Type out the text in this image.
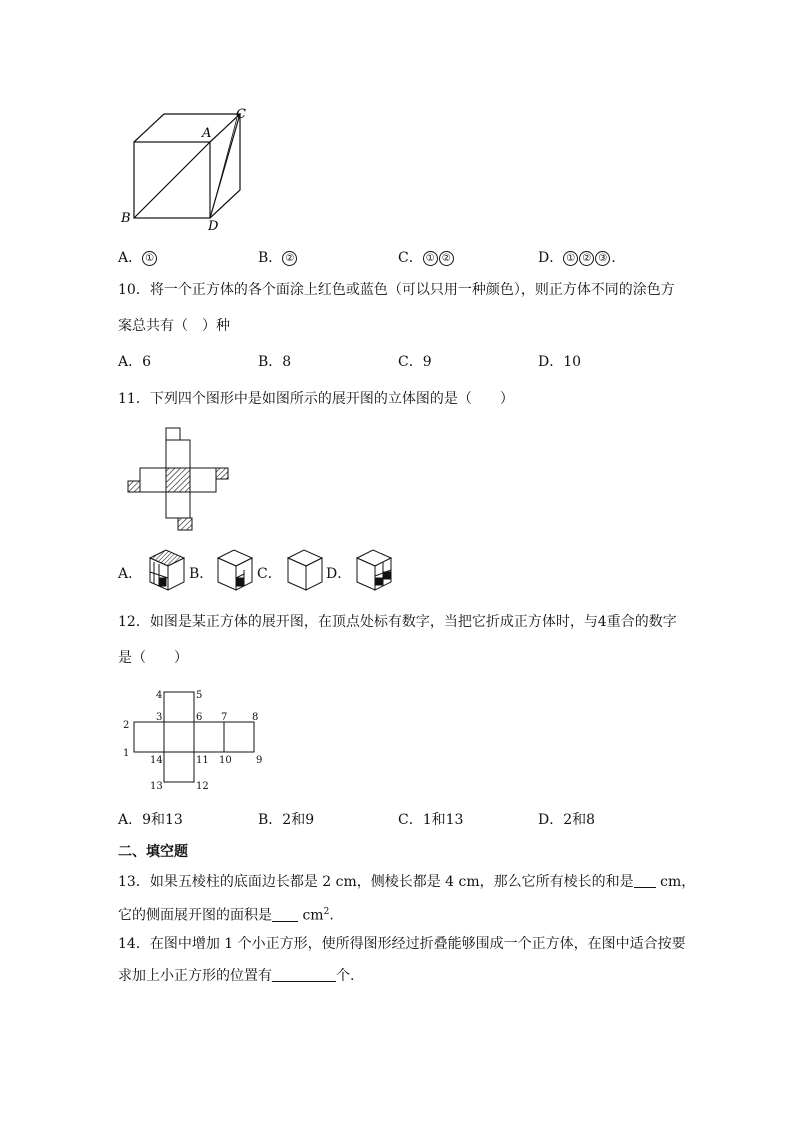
C
A
B
D
A． ①	B． ②	C． ① ②	D． ① ② ③ .
10．将一个正方体的各个面涂上红色或蓝色（可以只用一种颜色），则正方体不同的涂色方
案总共有（　）种
A．6	B．8	C．9	D．10
11．下列四个图形中是如图所示的展开图的立体图的是（　　）
A．	B．	C．	D．
12．如图是某正方体的展开图，在顶点处标有数字，当把它折成正方体时，与4重合的数字
是（　　）
4	5
3	6 7 8
2
1
14	11 10 9
13	12
A．9和13	B．2和9	C．1和13	D．2和8
二、填空题
13．如果五棱柱的底面边长都是 2 cm，侧棱长都是 4 cm，那么它所有棱长的和是 cm，
它的侧面展开图的面积是 $cm^2$.
14．在图中增加 1 个小正方形，使所得图形经过折叠能够围成一个正方体，在图中适合按要
求加上小正方形的位置有	个.
